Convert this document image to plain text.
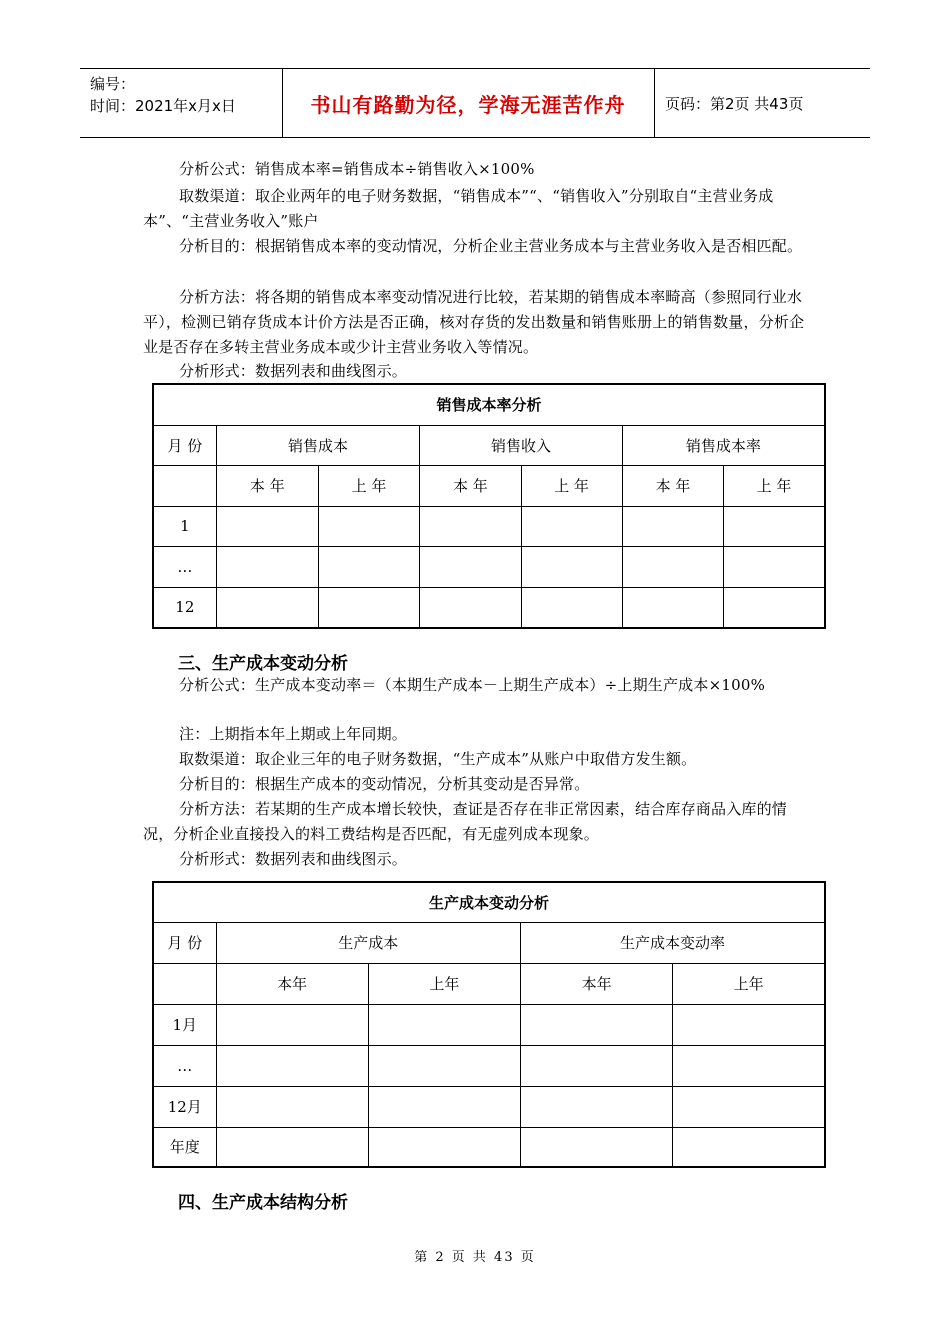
编号：
时间：2021年x月x日	书山有路勤为径，学海无涯苦作舟	页码：第2页 共43页
分析公式：销售成本率=销售成本÷销售收入×100%
取数渠道：取企业两年的电子财务数据，“销售成本”“、“销售收入”分别取自“主营业务成本”、“主营业务收入”账户
分析目的：根据销售成本率的变动情况，分析企业主营业务成本与主营业务收入是否相匹配。
分析方法：将各期的销售成本率变动情况进行比较，若某期的销售成本率畸高（参照同行业水平），检测已销存货成本计价方法是否正确，核对存货的发出数量和销售账册上的销售数量，分析企业是否存在多转主营业务成本或少计主营业务收入等情况。
分析形式：数据列表和曲线图示。
销售成本率分析						
月 份	销售成本		销售收入		销售成本率	
	本 年	上 年	本 年	上 年	本 年	上 年
1						
…						
12						
三、生产成本变动分析
分析公式：生产成本变动率＝（本期生产成本－上期生产成本）÷上期生产成本×100%
注：上期指本年上期或上年同期。
取数渠道：取企业三年的电子财务数据，“生产成本”从账户中取借方发生额。
分析目的：根据生产成本的变动情况，分析其变动是否异常。
分析方法：若某期的生产成本增长较快，查证是否存在非正常因素，结合库存商品入库的情况，分析企业直接投入的料工费结构是否匹配，有无虚列成本现象。
分析形式：数据列表和曲线图示。
生产成本变动分析				
月 份	生产成本		生产成本变动率	
	本年	上年	本年	上年
1月				
…				
12月				
年度				
四、生产成本结构分析
第 2 页 共 43 页
